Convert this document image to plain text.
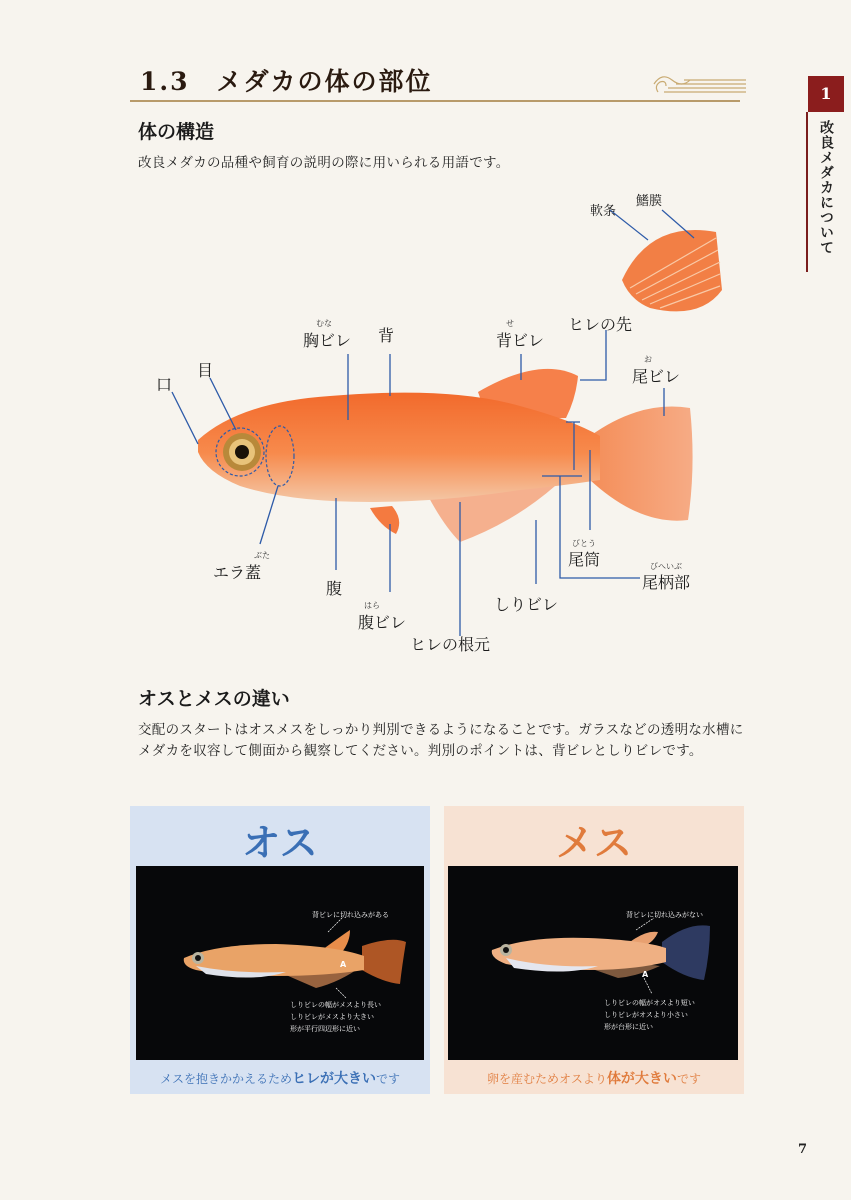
1.3　メダカの体の部位	1
改良メダカについて
体の構造
改良メダカの品種や飼育の説明の際に用いられる用語です。
軟条
鰭膜
口
目
むな
胸ビレ 背
せ
背ビレ
ヒレの先
お
尾ビレ
ぶた
エラ蓋
腹
はら
腹ビレ
ヒレの根元
しりビレ
びとう
尾筒	びへいぶ
尾柄部
オスとメスの違い
交配のスタートはオスメスをしっかり判別できるようになることです。ガラスなどの透明な水槽にメダカを収容して側面から観察してください。判別のポイントは、背ビレとしりビレです。
オス
背ビレに切れ込みがある
A
しりビレの幅がメスより長い
しりビレがメスより大きい
形が平行四辺形に近い
メスを抱きかかえるためヒレが大きいです
メス
背ビレに切れ込みがない
A
しりビレの幅がオスより短い
しりビレがオスより小さい
形が台形に近い
卵を産むためオスより体が大きいです
7
